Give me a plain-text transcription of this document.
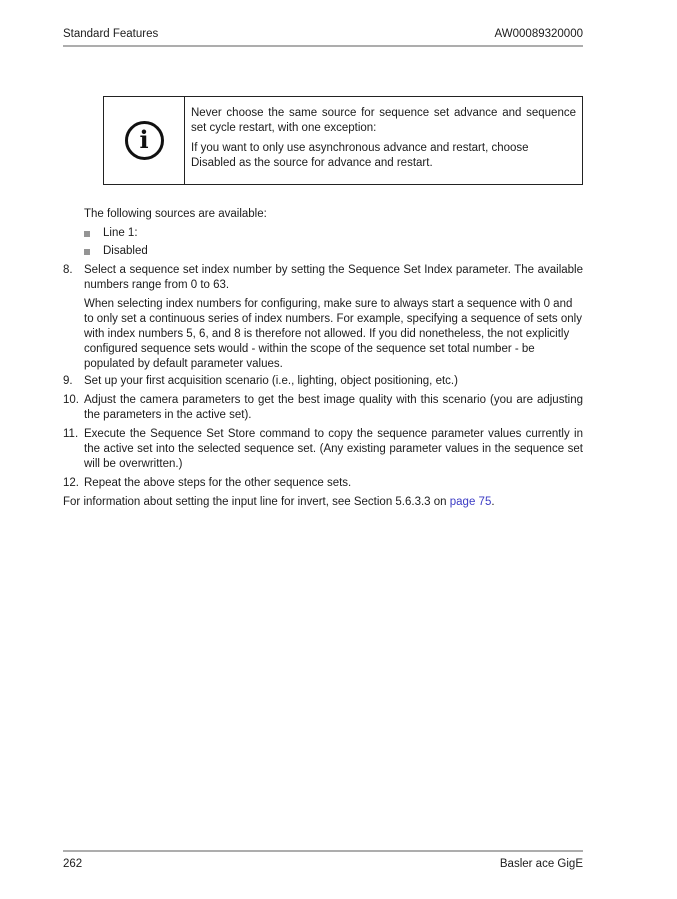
Standard Features	AW00089320000
i

Never choose the same source for sequence set advance and sequence set cycle restart, with one exception:

If you want to only use asynchronous advance and restart, choose Disabled as the source for advance and restart.

The following sources are available:

Line 1:
Disabled
8. Select a sequence set index number by setting the Sequence Set Index parameter. The available numbers range from 0 to 63.

When selecting index numbers for configuring, make sure to always start a sequence with 0 and to only set a continuous series of index numbers. For example, specifying a sequence of sets only with index numbers 5, 6, and 8 is therefore not allowed. If you did nonetheless, the not explicitly configured sequence sets would - within the scope of the sequence set total number - be populated by default parameter values.

9. Set up your first acquisition scenario (i.e., lighting, object positioning, etc.)
10. Adjust the camera parameters to get the best image quality with this scenario (you are adjusting the parameters in the active set).
11. Execute the Sequence Set Store command to copy the sequence parameter values currently in the active set into the selected sequence set. (Any existing parameter values in the sequence set will be overwritten.)
12. Repeat the above steps for the other sequence sets.

For information about setting the input line for invert, see Section 5.6.3.3 on page 75.

262	Basler ace GigE
